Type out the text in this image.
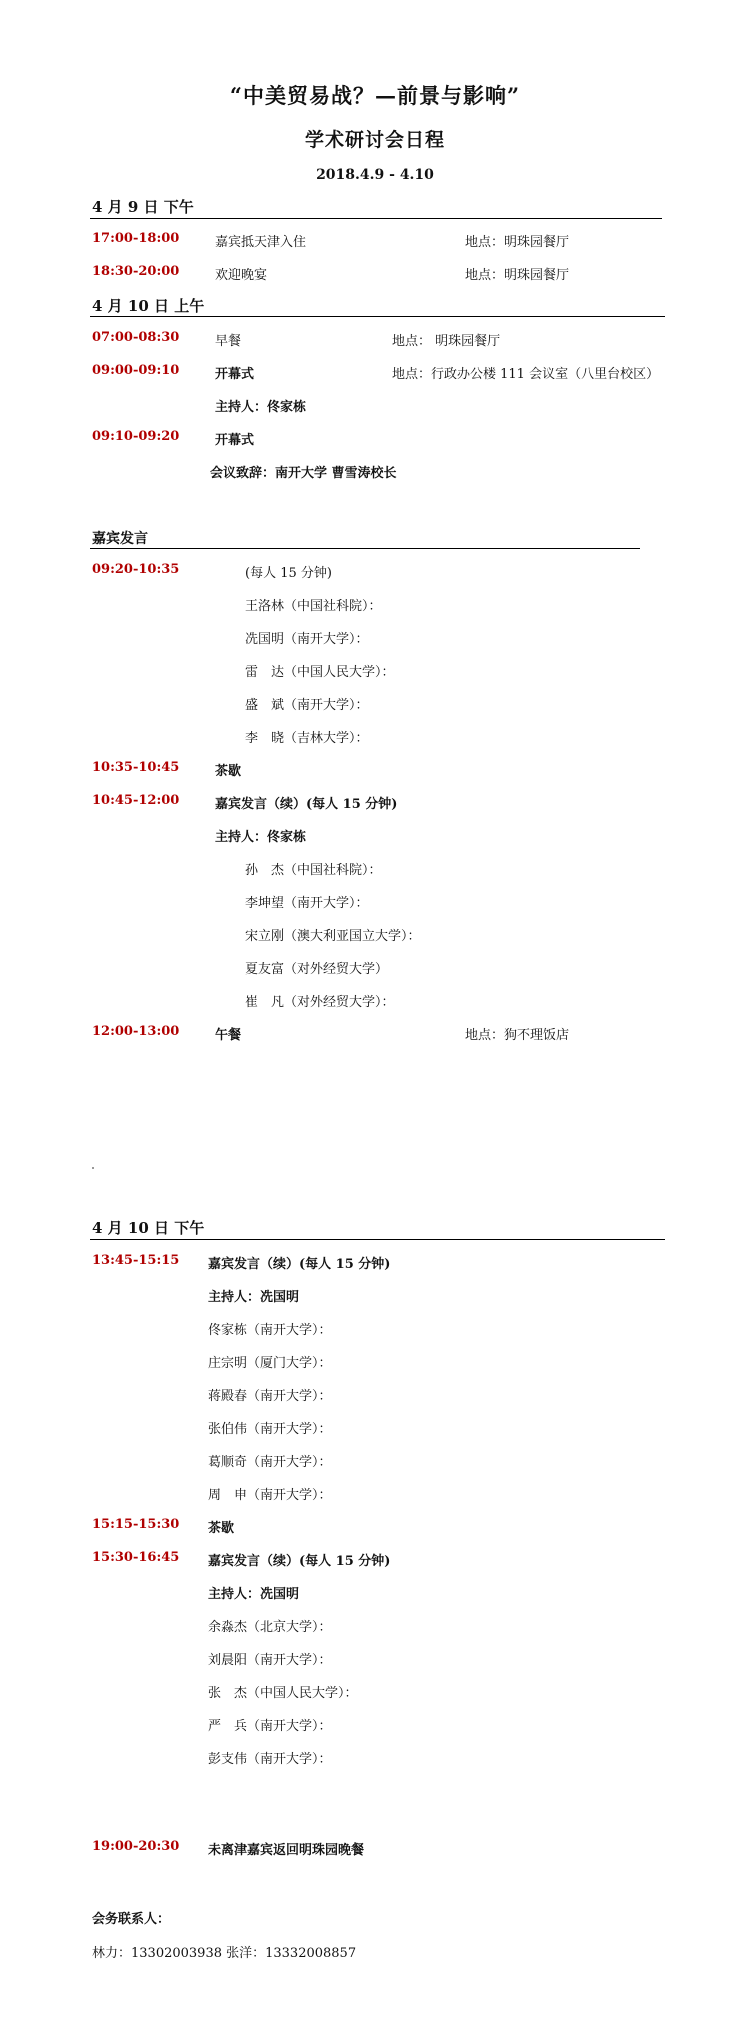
“中美贸易战？—前景与影响”
学术研讨会日程
2018.4.9 - 4.10
4 月 9 日 下午
17:00-18:00	嘉宾抵天津入住	地点：明珠园餐厅
18:30-20:00	欢迎晚宴	地点：明珠园餐厅
4 月 10 日 上午
07:00-08:30	早餐	地点： 明珠园餐厅
09:00-09:10	开幕式	地点：行政办公楼 111 会议室（八里台校区）
主持人：佟家栋
09:10-09:20	开幕式
会议致辞：南开大学 曹雪涛校长
嘉宾发言
09:20-10:35	(每人 15 分钟)
王洛林（中国社科院）：
冼国明（南开大学）：
雷　达（中国人民大学）：
盛　斌（南开大学）：
李　晓（吉林大学）：
10:35-10:45	茶歇
10:45-12:00	嘉宾发言（续）(每人 15 分钟)
主持人：佟家栋
孙　杰（中国社科院）：
李坤望（南开大学）：
宋立刚（澳大利亚国立大学）：
夏友富（对外经贸大学）
崔　凡（对外经贸大学）：
12:00-13:00	午餐	地点：狗不理饭店
4 月 10 日 下午
13:45-15:15 嘉宾发言（续）(每人 15 分钟)
主持人：冼国明
佟家栋（南开大学）：
庄宗明（厦门大学）：
蒋殿春（南开大学）：
张伯伟（南开大学）：
葛顺奇（南开大学）：
周　申（南开大学）：
15:15-15:30 茶歇
15:30-16:45 嘉宾发言（续）(每人 15 分钟)
主持人：冼国明
余淼杰（北京大学）：
刘晨阳（南开大学）：
张　杰（中国人民大学）：
严　兵（南开大学）：
彭支伟（南开大学）：
19:00-20:30 未离津嘉宾返回明珠园晚餐
会务联系人：
林力：13302003938 张洋：13332008857
